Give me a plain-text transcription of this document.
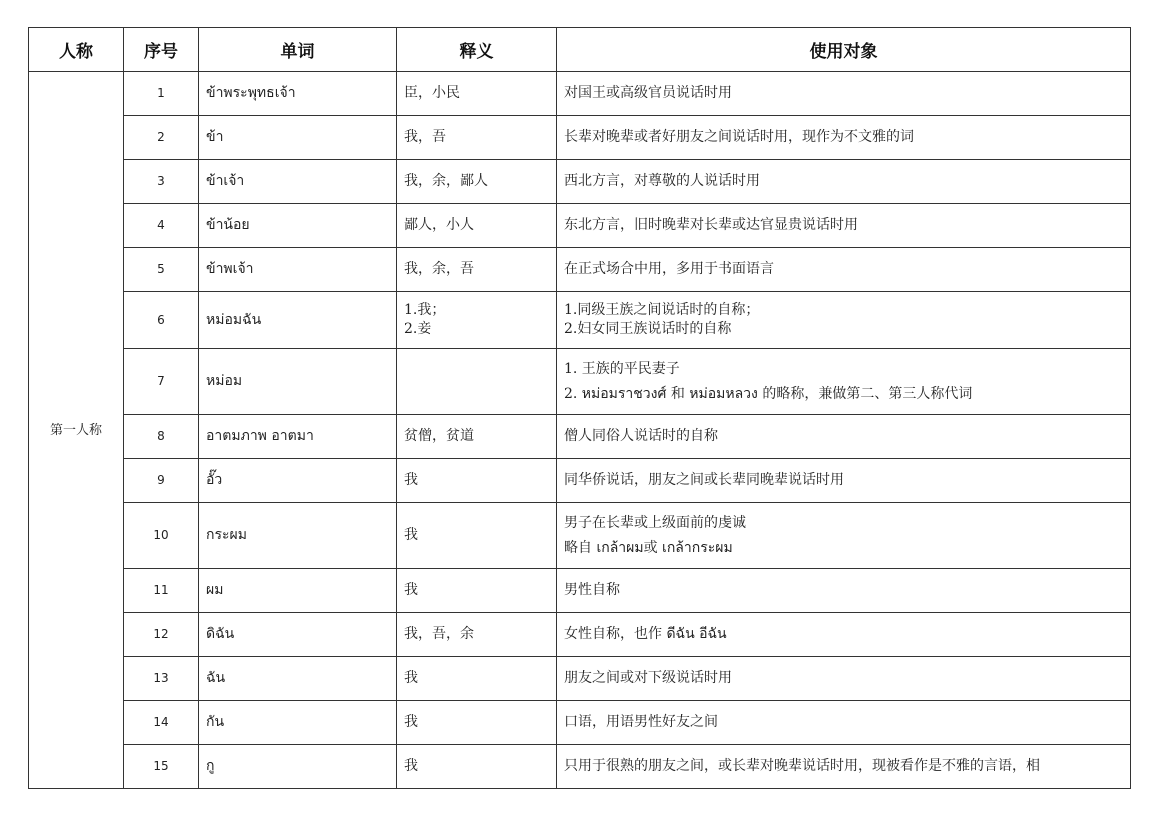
人称	序号	单词	释义	使用对象
第一人称	1	ข้าพระพุทธเจ้า	臣，小民	对国王或高级官员说话时用

	2	ข้า	我，吾	长辈对晚辈或者好朋友之间说话时用，现作为不文雅的词

	3	ข้าเจ้า	我，余，鄙人	西北方言，对尊敬的人说话时用

	4	ข้าน้อย	鄙人，小人	东北方言，旧时晚辈对长辈或达官显贵说话时用

	5	ข้าพเจ้า	我，余，吾	在正式场合中用，多用于书面语言

	6	หม่อมฉัน	1.我；
2.妾	1.同级王族之间说话时的自称；
2.妇女同王族说话时的自称

	7	หม่อม		1. 王族的平民妻子
2. หม่อมราชวงศ์ 和 หม่อมหลวง 的略称，兼做第二、第三人称代词

	8	อาตมภาพ อาตมา	贫僧，贫道	僧人同俗人说话时的自称

	9	อั๊ว	我	同华侨说话，朋友之间或长辈同晚辈说话时用

	10	กระผม	我	男子在长辈或上级面前的虔诚
略自 เกล้าผม或 เกล้ากระผม

	11	ผม	我	男性自称

	12	ดิฉัน	我，吾，余	女性自称，也作 ดีฉัน อีฉัน

	13	ฉัน	我	朋友之间或对下级说话时用

	14	กัน	我	口语，用语男性好友之间

	15	กู	我	只用于很熟的朋友之间，或长辈对晚辈说话时用，现被看作是不雅的言语，相
